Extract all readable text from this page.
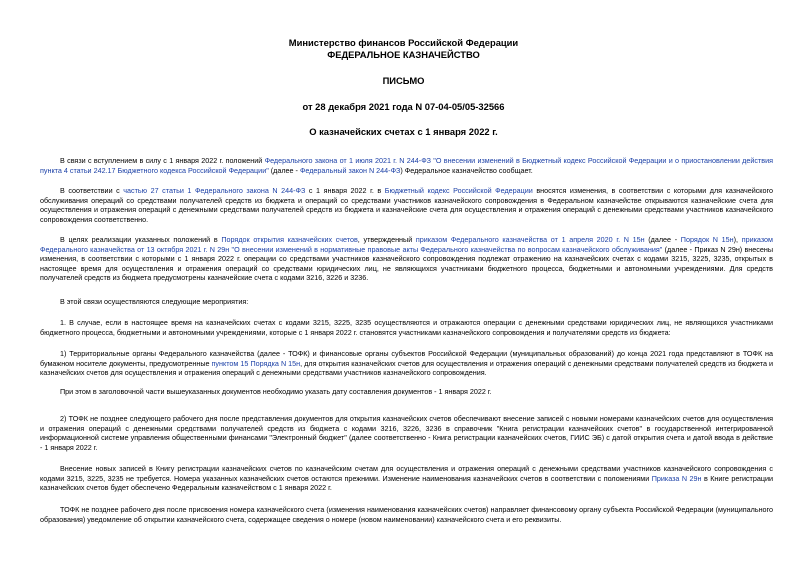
Министерство финансов Российской Федерации
ФЕДЕРАЛЬНОЕ КАЗНАЧЕЙСТВО
ПИСЬМО
от 28 декабря 2021 года N 07-04-05/05-32566
О казначейских счетах с 1 января 2022 г.

В связи с вступлением в силу с 1 января 2022 г. положений Федерального закона от 1 июля 2021 г. N 244-ФЗ "О внесении изменений в Бюджетный кодекс Российской Федерации и о приостановлении действия пункта 4 статьи 242.17 Бюджетного кодекса Российской Федерации" (далее - Федеральный закон N 244-ФЗ) Федеральное казначейство сообщает.

В соответствии с частью 27 статьи 1 Федерального закона N 244-ФЗ с 1 января 2022 г. в Бюджетный кодекс Российской Федерации вносятся изменения, в соответствии с которыми для казначейского обслуживания операций со средствами получателей средств из бюджета и операций со средствами участников казначейского сопровождения в Федеральном казначействе открываются казначейские счета для осуществления и отражения операций с денежными средствами получателей средств из бюджета и казначейские счета для осуществления и отражения операций с денежными средствами участников казначейского сопровождения соответственно.

В целях реализации указанных положений в Порядок открытия казначейских счетов, утвержденный приказом Федерального казначейства от 1 апреля 2020 г. N 15н (далее - Порядок N 15н), приказом Федерального казначейства от 13 октября 2021 г. N 29н "О внесении изменений в нормативные правовые акты Федерального казначейства по вопросам казначейского обслуживания" (далее - Приказ N 29н) внесены изменения, в соответствии с которыми с 1 января 2022 г. операции со средствами участников казначейского сопровождения подлежат отражению на казначейских счетах с кодами 3215, 3225, 3235, открытых в настоящее время для осуществления и отражения операций со средствами юридических лиц, не являющихся участниками бюджетного процесса, бюджетными и автономными учреждениями. Для средств получателей средств из бюджета предусмотрены казначейские счета с кодами 3216, 3226 и 3236.

В этой связи осуществляются следующие мероприятия:

1. В случае, если в настоящее время на казначейских счетах с кодами 3215, 3225, 3235 осуществляются и отражаются операции с денежными средствами юридических лиц, не являющихся участниками бюджетного процесса, бюджетными и автономными учреждениями, которые с 1 января 2022 г. становятся участниками казначейского сопровождения и получателями средств из бюджета:

1) Территориальные органы Федерального казначейства (далее - ТОФК) и финансовые органы субъектов Российской Федерации (муниципальных образований) до конца 2021 года представляют в ТОФК на бумажном носителе документы, предусмотренные пунктом 15 Порядка N 15н, для открытия казначейских счетов для осуществления и отражения операций с денежными средствами получателей средств из бюджета и казначейских счетов для осуществления и отражения операций с денежными средствами участников казначейского сопровождения.

При этом в заголовочной части вышеуказанных документов необходимо указать дату составления документов - 1 января 2022 г.

2) ТОФК не позднее следующего рабочего дня после представления документов для открытия казначейских счетов обеспечивают внесение записей с новыми номерами казначейских счетов для осуществления и отражения операций с денежными средствами получателей средств из бюджета с кодами 3216, 3226, 3236 в справочник "Книга регистрации казначейских счетов" в государственной интегрированной информационной системе управления общественными финансами "Электронный бюджет" (далее соответственно - Книга регистрации казначейских счетов, ГИИС ЭБ) с датой открытия счета и датой ввода в действие - 1 января 2022 г.

Внесение новых записей в Книгу регистрации казначейских счетов по казначейским счетам для осуществления и отражения операций с денежными средствами участников казначейского сопровождения с кодами 3215, 3225, 3235 не требуется. Номера указанных казначейских счетов остаются прежними. Изменение наименования казначейских счетов в соответствии с положениями Приказа N 29н в Книге регистрации казначейских счетов будет обеспечено Федеральным казначейством с 1 января 2022 г.

ТОФК не позднее рабочего дня после присвоения номера казначейского счета (изменения наименования казначейских счетов) направляет финансовому органу субъекта Российской Федерации (муниципального образования) уведомление об открытии казначейского счета, содержащее сведения о номере (новом наименовании) казначейского счета и его реквизиты.
